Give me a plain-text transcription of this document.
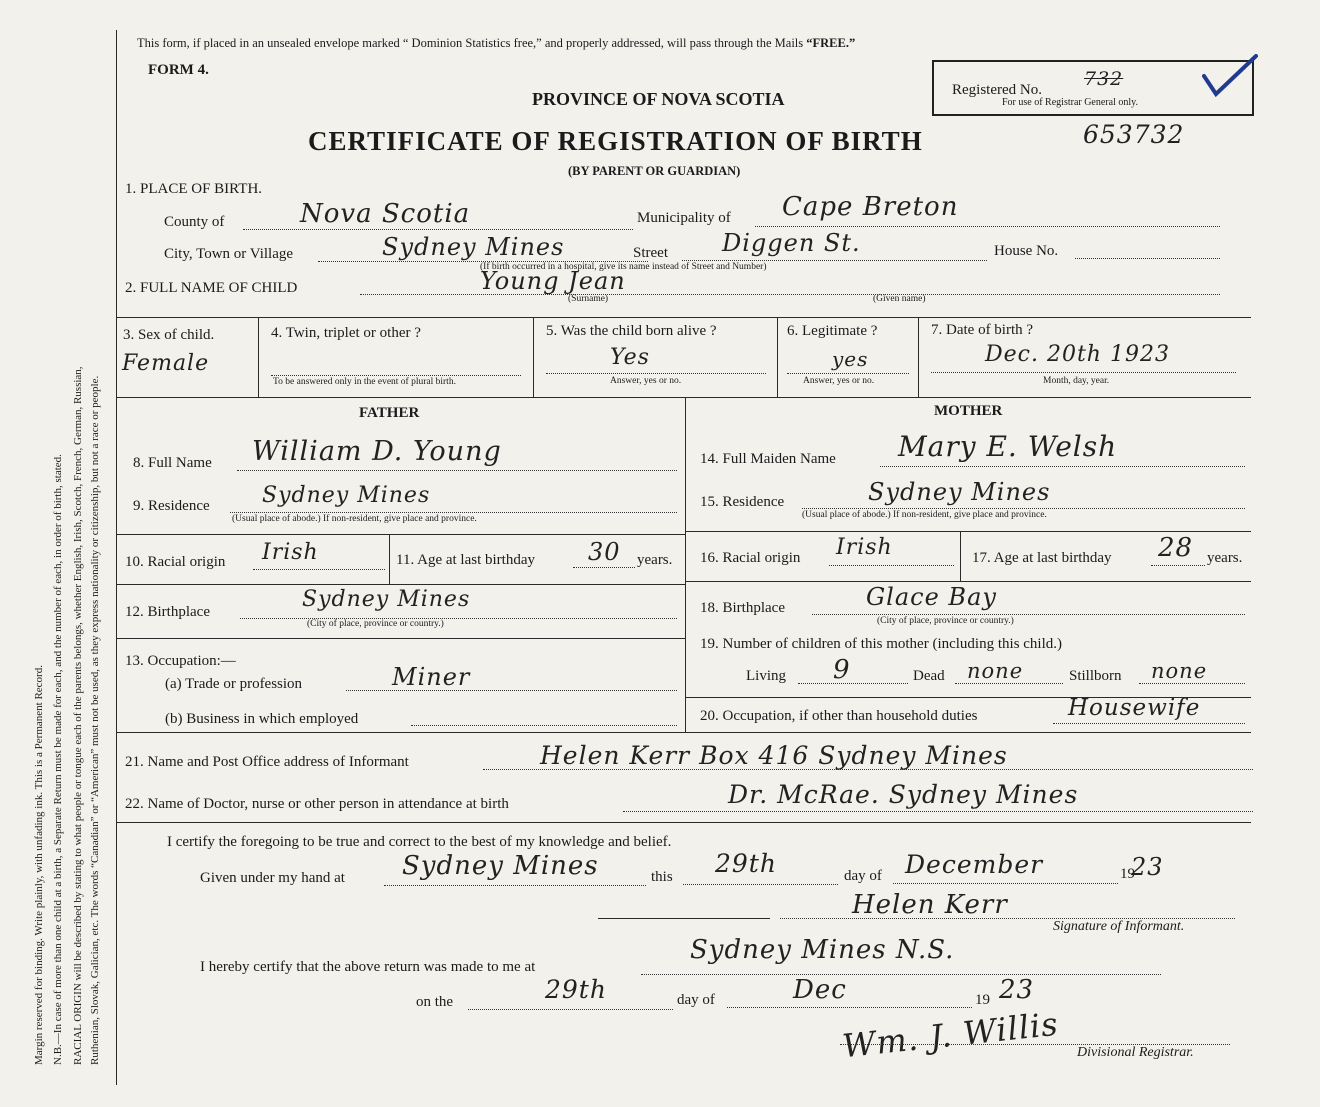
Margin reserved for binding. Write plainly, with unfading ink. This is a Permanent Record. N.B.—In case of more than one child at a birth, a Separate Return must be made for each, and the number of each, in order of birth, stated. RACIAL ORIGIN will be described by stating to what people or tongue each of the parents belongs, whether English, Irish, Scotch, French, German, Russian, Ruthenian, Slovak, Galician, etc. The words “Canadian” or “American” must not be used, as they express nationality or citizenship, but not a race or people.
This form, if placed in an unsealed envelope marked “ Dominion Statistics free,” and properly addressed, will pass through the Mails “FREE.”
FORM 4.
Registered No. 732
For use of Registrar General only.
PROVINCE OF NOVA SCOTIA
CERTIFICATE OF REGISTRATION OF BIRTH	653732
(BY PARENT OR GUARDIAN)
1. PLACE OF BIRTH.
County of	Nova Scotia	Municipality of Cape Breton
City, Town or Village	Sydney Mines	Street Diggen St.	House No.
(If birth occurred in a hospital, give its name instead of Street and Number)
2. FULL NAME OF CHILD	Young Jean
(Surname)	(Given name)
3. Sex of child.
Female
4. Twin, triplet or other ?
To be answered only in the event of plural birth.
5. Was the child born alive ?
Yes
Answer, yes or no.
6. Legitimate ?
yes
Answer, yes or no.
7. Date of birth ?
Dec. 20th 1923
Month, day, year.
FATHER
8. Full Name William D. Young
9. Residence Sydney Mines
(Usual place of abode.) If non-resident, give place and province.
10. Racial origin Irish	11. Age at last birthday 30 years.
12. Birthplace	Sydney Mines
(City of place, province or country.)
13. Occupation:—
(a) Trade or profession	Miner
(b) Business in which employed
MOTHER
14. Full Maiden Name Mary E. Welsh
15. Residence	Sydney Mines
(Usual place of abode.) If non-resident, give place and province.
16. Racial origin Irish	17. Age at last birthday 28 years.
18. Birthplace	Glace Bay
(City of place, province or country.)
19. Number of children of this mother (including this child.)
Living 9	Dead none	Stillborn none
20. Occupation, if other than household duties	Housewife
21. Name and Post Office address of Informant	Helen Kerr Box 416 Sydney Mines
22. Name of Doctor, nurse or other person in attendance at birth	Dr. McRae. Sydney Mines
I certify the foregoing to be true and correct to the best of my knowledge and belief.
Given under my hand at Sydney Mines	this 29th	day of December	19
23
Helen Kerr
Signature of Informant.
I hereby certify that the above return was made to me at
Sydney Mines N.S.
on the	29th	day of	Dec	19 23
Wm. J. Willis Divisional Registrar.
